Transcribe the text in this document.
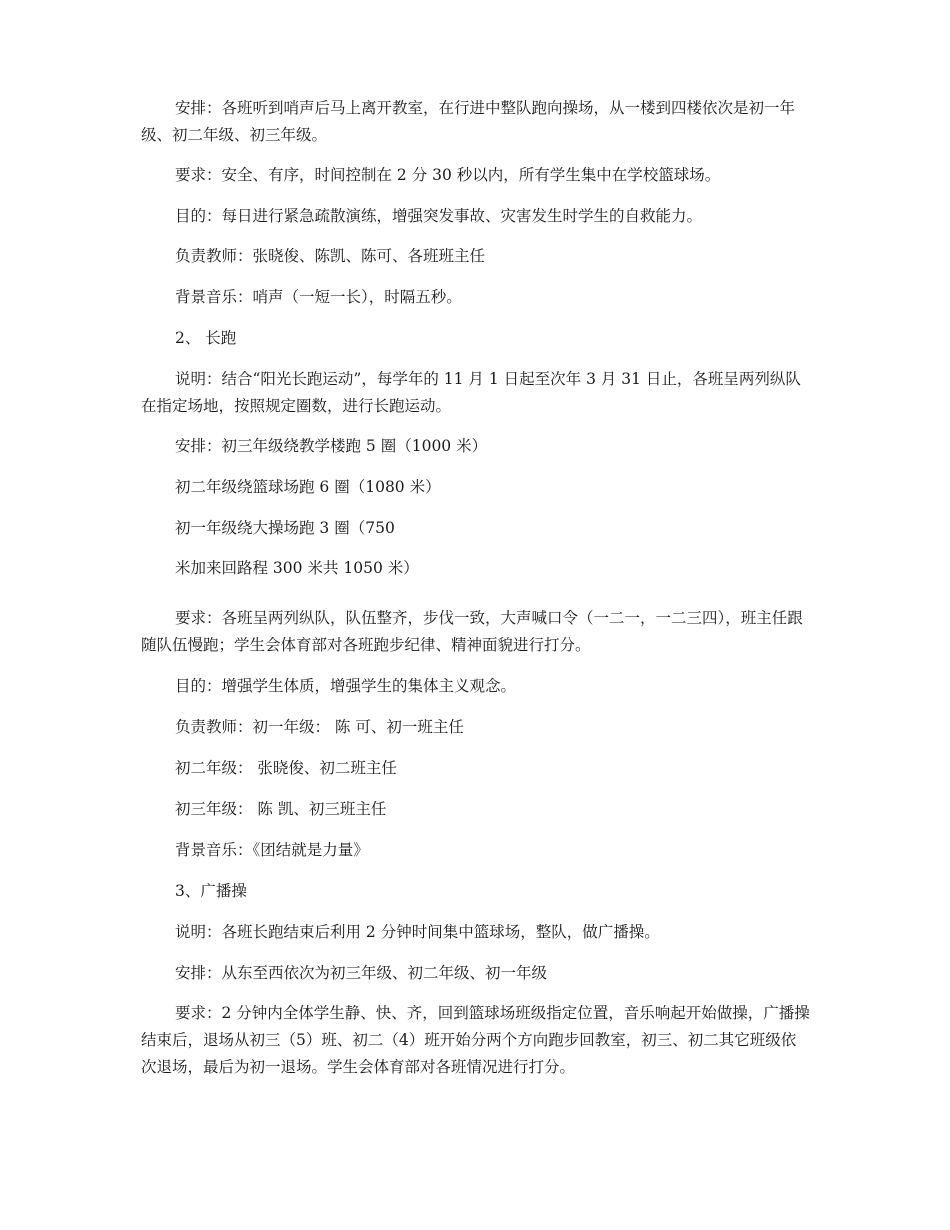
安排：各班听到哨声后马上离开教室，在行进中整队跑向操场，从一楼到四楼依次是初一年级、初二年级、初三年级。
要求：安全、有序，时间控制在 2 分 30 秒以内，所有学生集中在学校篮球场。
目的：每日进行紧急疏散演练，增强突发事故、灾害发生时学生的自救能力。
负责教师：张晓俊、陈凯、陈可、各班班主任
背景音乐：哨声（一短一长），时隔五秒。
2、 长跑
说明：结合“阳光长跑运动”，每学年的 11 月 1 日起至次年 3 月 31 日止，各班呈两列纵队在指定场地，按照规定圈数，进行长跑运动。
安排：初三年级绕教学楼跑 5 圈（1000 米）
初二年级绕篮球场跑 6 圈（1080 米）
初一年级绕大操场跑 3 圈（750
米加来回路程 300 米共 1050 米）
要求：各班呈两列纵队，队伍整齐，步伐一致，大声喊口令（一二一，一二三四），班主任跟随队伍慢跑；学生会体育部对各班跑步纪律、精神面貌进行打分。
目的：增强学生体质，增强学生的集体主义观念。
负责教师：初一年级： 陈 可、初一班主任
初二年级： 张晓俊、初二班主任
初三年级： 陈 凯、初三班主任
背景音乐：《团结就是力量》
3、广播操
说明：各班长跑结束后利用 2 分钟时间集中篮球场，整队，做广播操。
安排：从东至西依次为初三年级、初二年级、初一年级
要求：2 分钟内全体学生静、快、齐，回到篮球场班级指定位置，音乐响起开始做操，广播操结束后，退场从初三（5）班、初二（4）班开始分两个方向跑步回教室，初三、初二其它班级依次退场，最后为初一退场。学生会体育部对各班情况进行打分。
